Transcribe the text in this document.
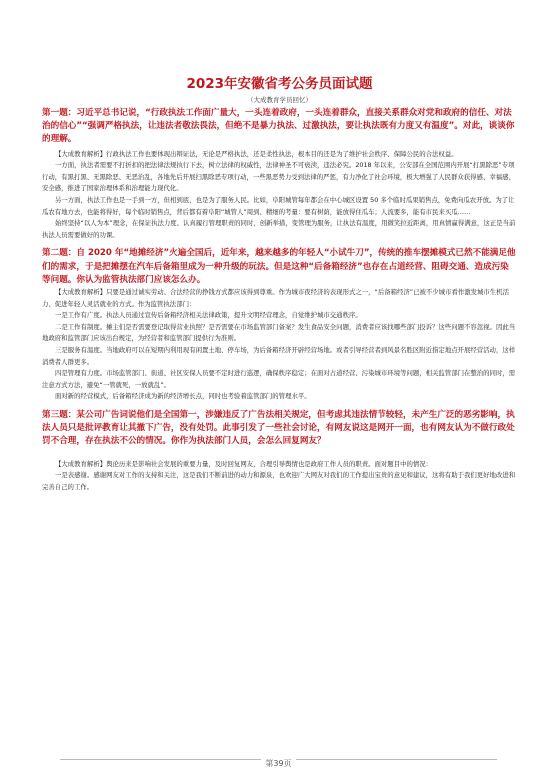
2023年安徽省考公务员面试题
（大成教育学员回忆）

第一题：习近平总书记说，“行政执法工作面广量大，一头连着政府，一头连着群众，直接关系群众对党和政府的信任、对法治的信心”“强调严格执法，让违法者敬法畏法，但绝不是暴力执法、过激执法，要让执法既有力度又有温度”。对此，谈谈你的理解。

【大成教育解析】行政执法工作也要体现出辩证法，无论是严格执法，还是柔性执法，根本目的还是为了维护社会秩序、保障公民的合法权益。

一方面，执法者需要不打折扣的把法律法规执行下去，树立法律的权威性，法律神圣不可亵渎，违法必究。2018 年以来，公安部在全国范围内开展“打黑除恶”专项行动，有黑打黑、无黑除恶、无恶治乱，各地先后开展扫黑除恶专项行动，一些黑恶势力受到法律的严惩，有力净化了社会环境，极大增强了人民群众获得感、幸福感、安全感，推进了国家治理体系和治理能力现代化。

另一方面，执法工作也是一手到一方，但相到底，也是为了服务人民。比如，阜阳城管每年都会在中心城区设置 50 多个临时瓜果销售点，免费向瓜农开放。为了让瓜农有地方去，也能将得好，每个临时销售点，背后都有着阜阳“城管人”周到、精细的考量：要有树荫，能放得住瓜车；人流要多，能有市民来买瓜……

始终坚持“以人为本”理念，在保证执法力度、认真履行管理职责的同时，创新举措，变管理为服务，让执法有温度，用微笑拉近距离，用真情赢得满意，这正是当前执法人员需要做好的功课。

第二题：自 2020 年“地摊经济”火遍全国后，近年来，越来越多的年轻人“小试牛刀”，传统的推车摆摊模式已然不能满足他们的需求，于是把摊摆在汽车后备箱里成为一种升级的玩法。但是这种“后备箱经济”也存在占道经营、阻碍交通、造成污染等问题。你认为监管执法部门应该怎么办。

【大成教育解析】只要是通过诚实劳动、合法经营的挣钱方式都应该得到尊重。作为城市夜经济的表现形式之一，“后备箱经济”已被不少城市看作激发城市生机活力、促进年轻人灵活就业的方式。作为监管执法部门：

一是工作有广度。执法人员通过宣传后备箱经济相关法律政策，提升文明经营理念，自觉维护城市交通秩序。

二是工作有制度。摊主们是否需要登记取得营业执照？是否需要在市场监管部门备案？发生食品安全问题，消费者应该找哪些部门投诉？这些问题不容忽视。因此当地政府和监管部门应该出台规定，为经营者和监管部门提供行为准则。

三是服务有温度。当地政府可以在短期内利用现有闲置土地、停车场，为后备箱经济开辟经营场地。或者引导经营者到风景名胜区附近指定地点开展经营活动，这样消费者人群更多。

四是管理有力度。市场监管部门、街道、社区安保人员要不定时进行巡逻，确保秩序稳定；在面对占道经营、污染城市环境等问题，相关监管部门在整治的同时，需注意方式方法，避免“一管就死，一放就乱”。

面对新的经营模式，后备箱经济成为新的经济增长点，同时也考验着监管部门的管理水平。

第三题：某公司广告词说他们是全国第一，涉嫌违反了广告法相关规定，但考虑其违法情节较轻，未产生广泛的恶劣影响，执法人员只是批评教育让其撤下广告，没有处罚。此事引发了一些社会讨论，有网友说这是网开一面，也有网友认为不做行政处罚不合理，存在执法不公的情况。你作为执法部门人员，会怎么回复网友？

【大成教育解析】舆论历来是影响社会发展的重要力量，及时回复网友，合理引导舆情也是政府工作人员的职责。面对题目中的情况：

一是表感谢。感谢网友对工作的支持和关注，这是我们不断前进的动力和源泉，也欢迎广大网友对我们的工作提出宝贵的意见和建议，这将有助于我们更好地改进和完善自己的工作。

第39页
